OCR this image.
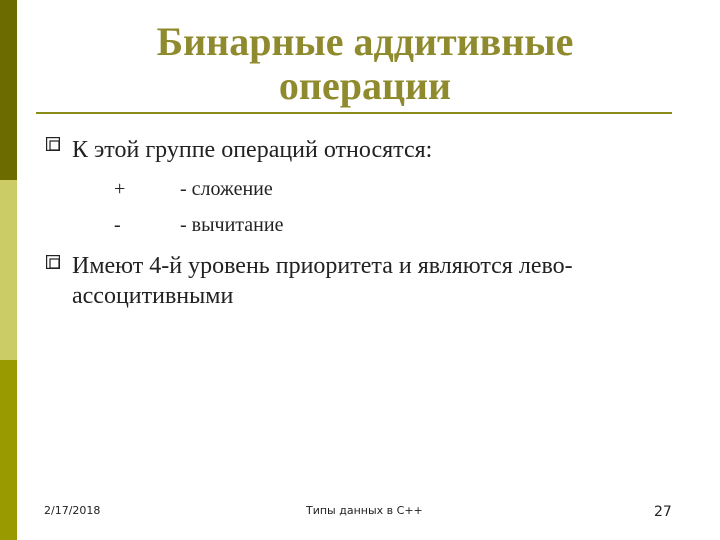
Бинарные аддитивные
операции
К этой группе операций относятся:
+	- сложение
-	- вычитание
Имеют 4-й уровень приоритета и являются лево-ассоцитивными
2/17/2018	Типы данных в С++	27
